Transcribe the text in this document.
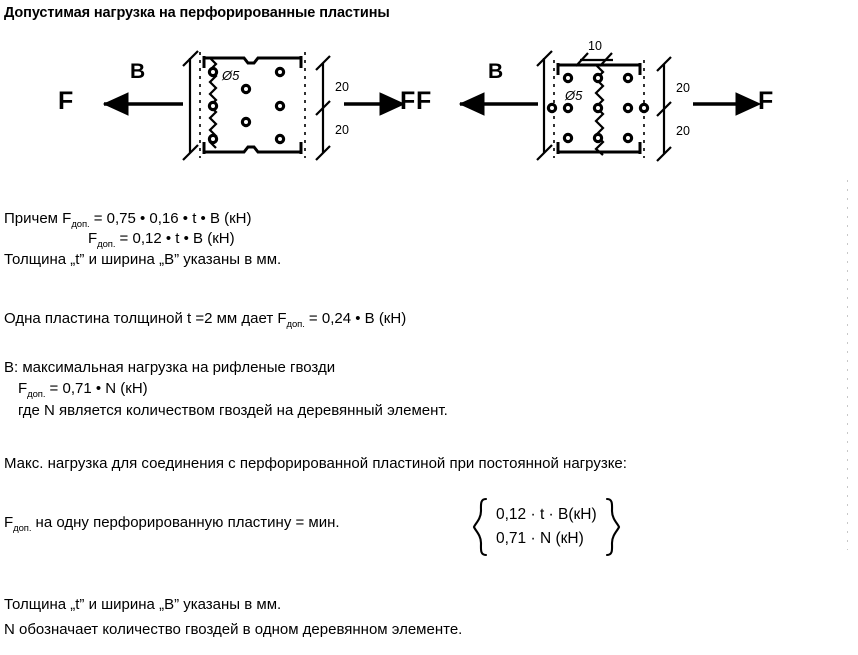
Допустимая нагрузка на перфорированные пластины
F
B	Ø5
20
20
F F
B
10
Ø5	20
20
F
Причем $F_{доп.} = 0,75$ • 0,16 • t • B (кН)
$F_{доп.} = 0,12$ • t • B (кН)
Толщина „t” и ширина „B” указаны в мм.
Одна пластина толщиной t =2 мм дает $F_{доп.} = 0,24$ • B (кН)
B: максимальная нагрузка на рифленые гвозди
$F_{доп.} = 0,71$ • N (кН)
где N является количеством гвоздей на деревянный элемент.
Макс. нагрузка для соединения с перфорированной пластиной при постоянной нагрузке:
$F_{доп.}$ на одну перфорированную пластину = мин.	0,12 · t · B(кН)
0,71 · N (кН)
Толщина „t” и ширина „B” указаны в мм.
N обозначает количество гвоздей в одном деревянном элементе.
